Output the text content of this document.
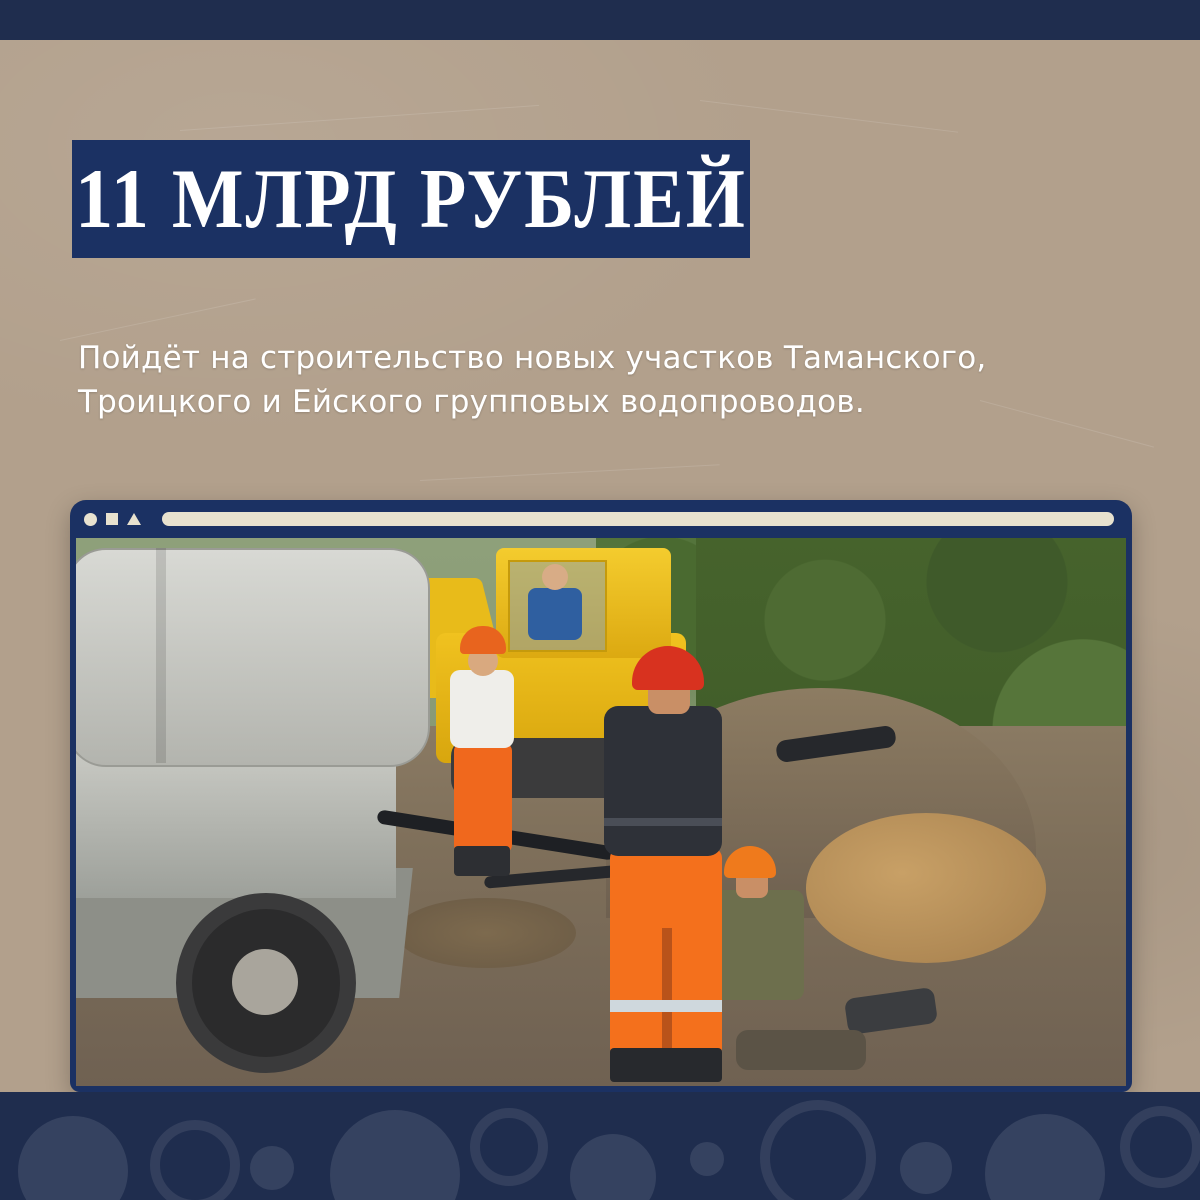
11 МЛРД РУБЛЕЙ
Пойдёт на строительство новых участков Таманского, Троицкого и Ейского групповых водопроводов.
